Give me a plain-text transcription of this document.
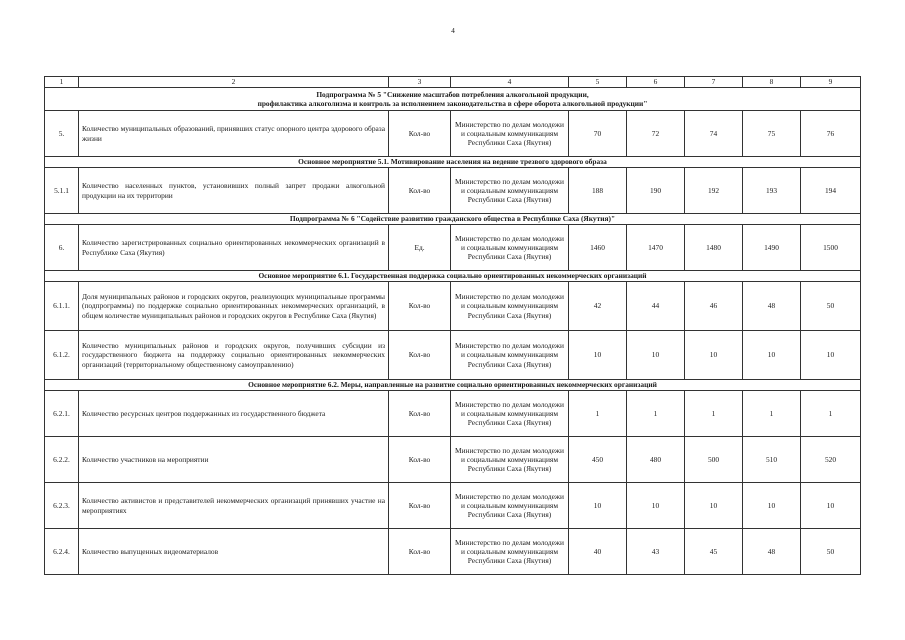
4
1	2	3	4	5	6	7	8	9

Подпрограмма № 5 "Снижение масштабов потребления алкогольной продукции,
профилактика алкоголизма и контроль за исполнением законодательства в сфере оборота алкогольной продукции"								

5.	Количество муниципальных образований, принявших статус опорного центра здорового образа жизни	Кол-во	Министерство по делам молодежи и социальным коммуникациям Республики Саха (Якутия)	70	72	74	75	76
Основное мероприятие 5.1. Мотивирование населения на ведение трезвого здорового образа								
5.1.1	Количество населенных пунктов, установивших полный запрет продажи алкогольной продукции на их территории	Кол-во	Министерство по делам молодежи и социальным коммуникациям Республики Саха (Якутия)	188	190	192	193	194
Подпрограмма № 6 "Содействие развитию гражданского общества в Республике Саха (Якутия)"								
6.	Количество зарегистрированных социально ориентированных некоммерческих организаций в Республике Саха (Якутия)	Ед.	Министерство по делам молодежи и социальным коммуникациям Республики Саха (Якутия)	1460	1470	1480	1490	1500
Основное мероприятие 6.1. Государственная поддержка социально ориентированных некоммерческих организаций								
6.1.1.	Доля муниципальных районов и городских округов, реализующих муниципальные программы (подпрограммы) по поддержке социально ориентированных некоммерческих организаций, в общем количестве муниципальных районов и городских округов в Республике Саха (Якутия)	Кол-во	Министерство по делам молодежи и социальным коммуникациям Республики Саха (Якутия)	42	44	46	48	50
6.1.2.	Количество муниципальных районов и городских округов, получивших субсидии из государственного бюджета на поддержку социально ориентированных некоммерческих организаций (территориальному общественному самоуправлению)	Кол-во	Министерство по делам молодежи и социальным коммуникациям Республики Саха (Якутия)	10	10	10	10	10
Основное мероприятие 6.2. Меры, направленные на развитие социально ориентированных некоммерческих организаций								
6.2.1.	Количество ресурсных центров поддержанных из государственного бюджета	Кол-во	Министерство по делам молодежи и социальным коммуникациям Республики Саха (Якутия)	1	1	1	1	1
6.2.2.	Количество участников на мероприятии	Кол-во	Министерство по делам молодежи и социальным коммуникациям Республики Саха (Якутия)	450	480	500	510	520
6.2.3.	Количество активистов и представителей некоммерческих организаций принявших участие на мероприятиях	Кол-во	Министерство по делам молодежи и социальным коммуникациям Республики Саха (Якутия)	10	10	10	10	10
6.2.4.	Количество выпущенных видеоматериалов	Кол-во	Министерство по делам молодежи и социальным коммуникациям Республики Саха (Якутия)	40	43	45	48	50
